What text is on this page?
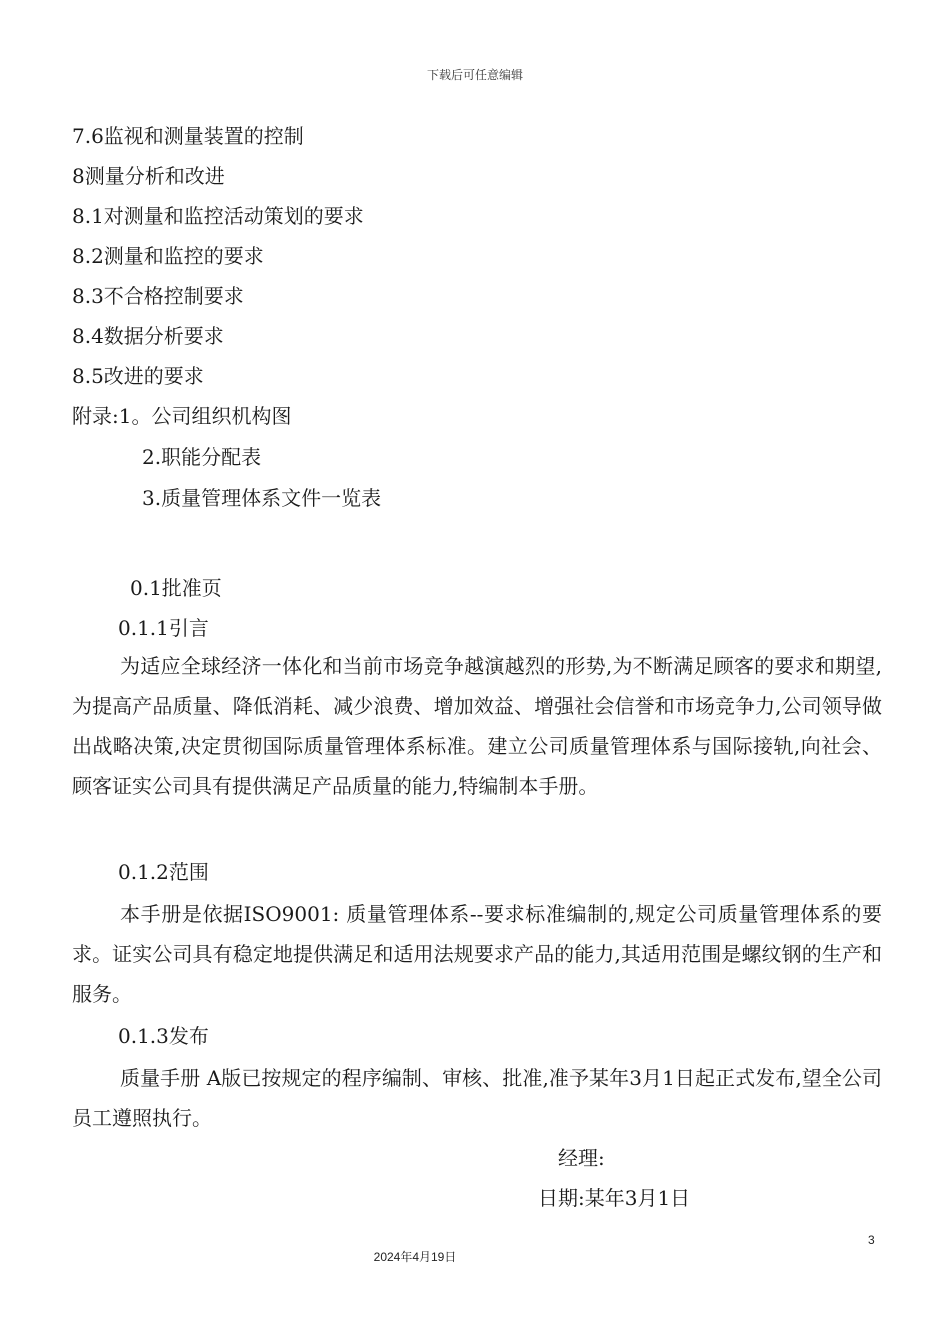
下载后可任意编辑
7.6监视和测量装置的控制
8测量分析和改进
8.1对测量和监控活动策划的要求
8.2测量和监控的要求
8.3不合格控制要求
8.4数据分析要求
8.5改进的要求
附录:1。公司组织机构图
2.职能分配表
3.质量管理体系文件一览表
0.1批准页
0.1.1引言
为适应全球经济一体化和当前市场竞争越演越烈的形势,为不断满足顾客的要求和期望,为提高产品质量、降低消耗、减少浪费、增加效益、增强社会信誉和市场竞争力,公司领导做出战略决策,决定贯彻国际质量管理体系标准。建立公司质量管理体系与国际接轨,向社会、顾客证实公司具有提供满足产品质量的能力,特编制本手册。
0.1.2范围
本手册是依据ISO9001: 质量管理体系--要求标准编制的,规定公司质量管理体系的要求。证实公司具有稳定地提供满足和适用法规要求产品的能力,其适用范围是螺纹钢的生产和服务。
0.1.3发布
质量手册 A版已按规定的程序编制、审核、批准,准予某年3月1日起正式发布,望全公司员工遵照执行。
经理:
日期:某年3月1日
3
2024年4月19日
